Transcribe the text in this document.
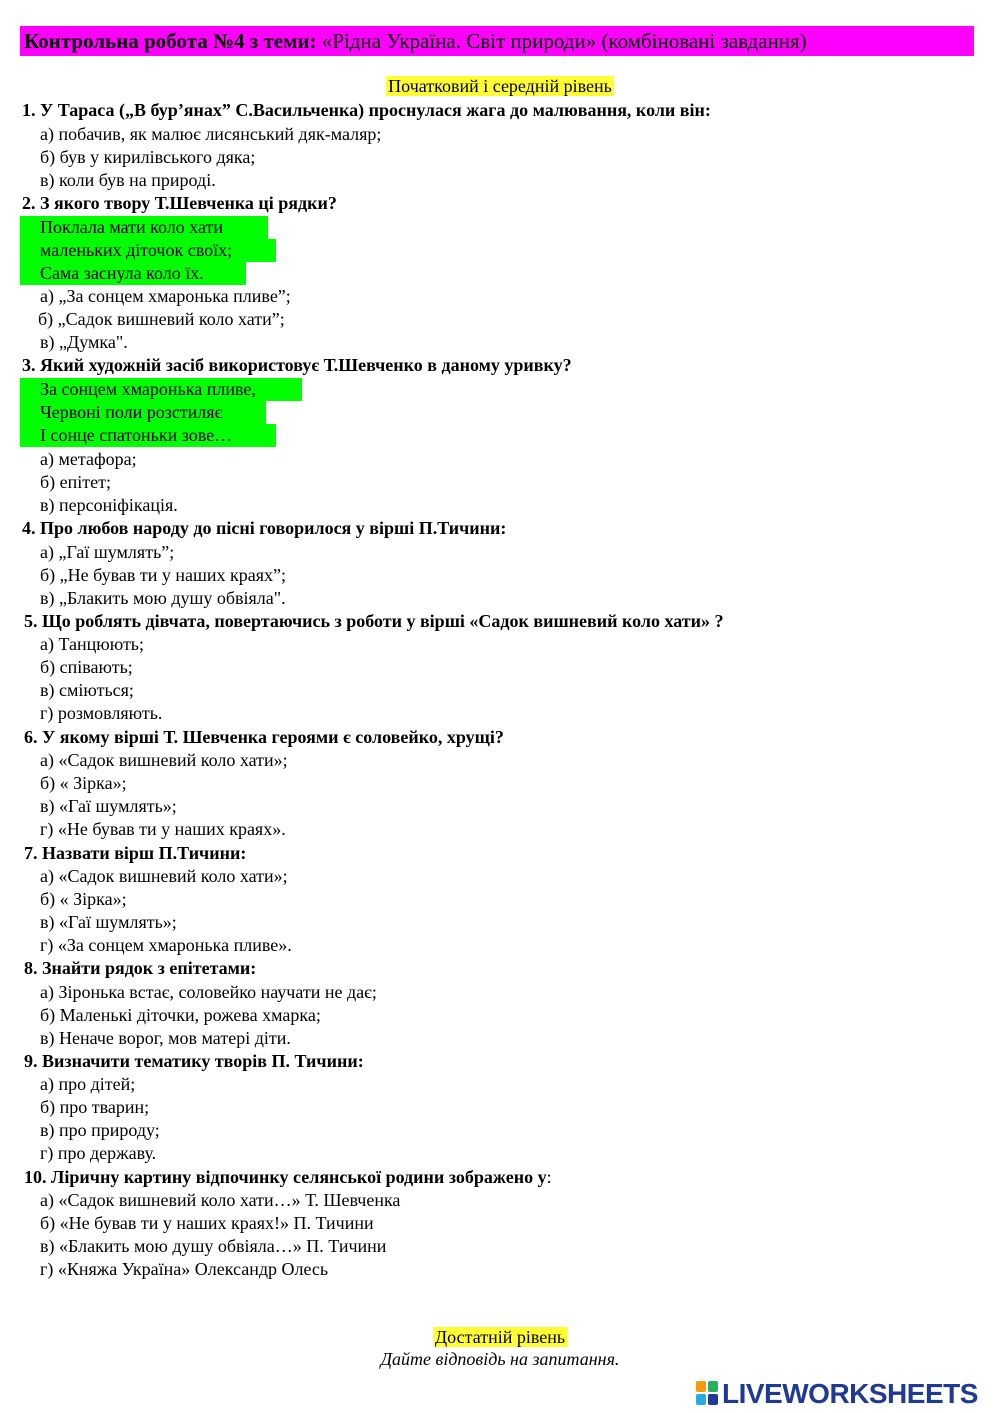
Контрольна робота №4 з теми: «Рідна Україна. Світ природи» (комбіновані завдання)
Початковий і середній рівень
1. У Тараса („В бур’янах” С.Васильченка) проснулася жага до малювання, коли він:
а) побачив, як малює лисянський дяк-маляр;
б) був у кирилівського дяка;
в) коли був на природі.
2. З якого твору Т.Шевченка ці рядки?
Поклала мати коло хати
маленьких діточок своїх;
Сама заснула коло їх.
а) „За сонцем хмаронька пливе”;
б) „Садок вишневий коло хати”;
в) „Думка".
3. Який художній засіб використовує Т.Шевченко в даному уривку?
За сонцем хмаронька пливе,
Червоні поли розстиляє
І сонце спатоньки зове…
а) метафора;
б) епітет;
в) персоніфікація.
4. Про любов народу до пісні говорилося у вірші П.Тичини:
а) „Гаї шумлять”;
б) „Не бував ти у наших краях”;
в) „Блакить мою душу обвіяла".
5. Що роблять дівчата, повертаючись з роботи у вірші «Садок вишневий коло хати» ?
а) Танцюють;
б) співають;
в) сміються;
г) розмовляють.
6. У якому вірші Т. Шевченка героями є соловейко, хрущі?
а) «Садок вишневий коло хати»;
б) « Зірка»;
в) «Гаї шумлять»;
г) «Не бував ти у наших краях».
7. Назвати вірш П.Тичини:
а) «Садок вишневий коло хати»;
б) « Зірка»;
в) «Гаї шумлять»;
г) «За сонцем хмаронька пливе».
8. Знайти рядок з епітетами:
а) Зіронька встає, соловейко научати не дає;
б) Маленькі діточки, рожева хмарка;
в) Неначе ворог, мов матері діти.
9. Визначити тематику творів П. Тичини:
а) про дітей;
б) про тварин;
в) про природу;
г) про державу.
10. Ліричну картину відпочинку селянської родини зображено у:
а) «Садок вишневий коло хати…» Т. Шевченка
б) «Не бував ти у наших краях!» П. Тичини
в) «Блакить мою душу обвіяла…» П. Тичини
г) «Княжа Україна» Олександр Олесь
Достатній рівень
Дайте відповідь на запитання.
LIVEWORKSHEETS
